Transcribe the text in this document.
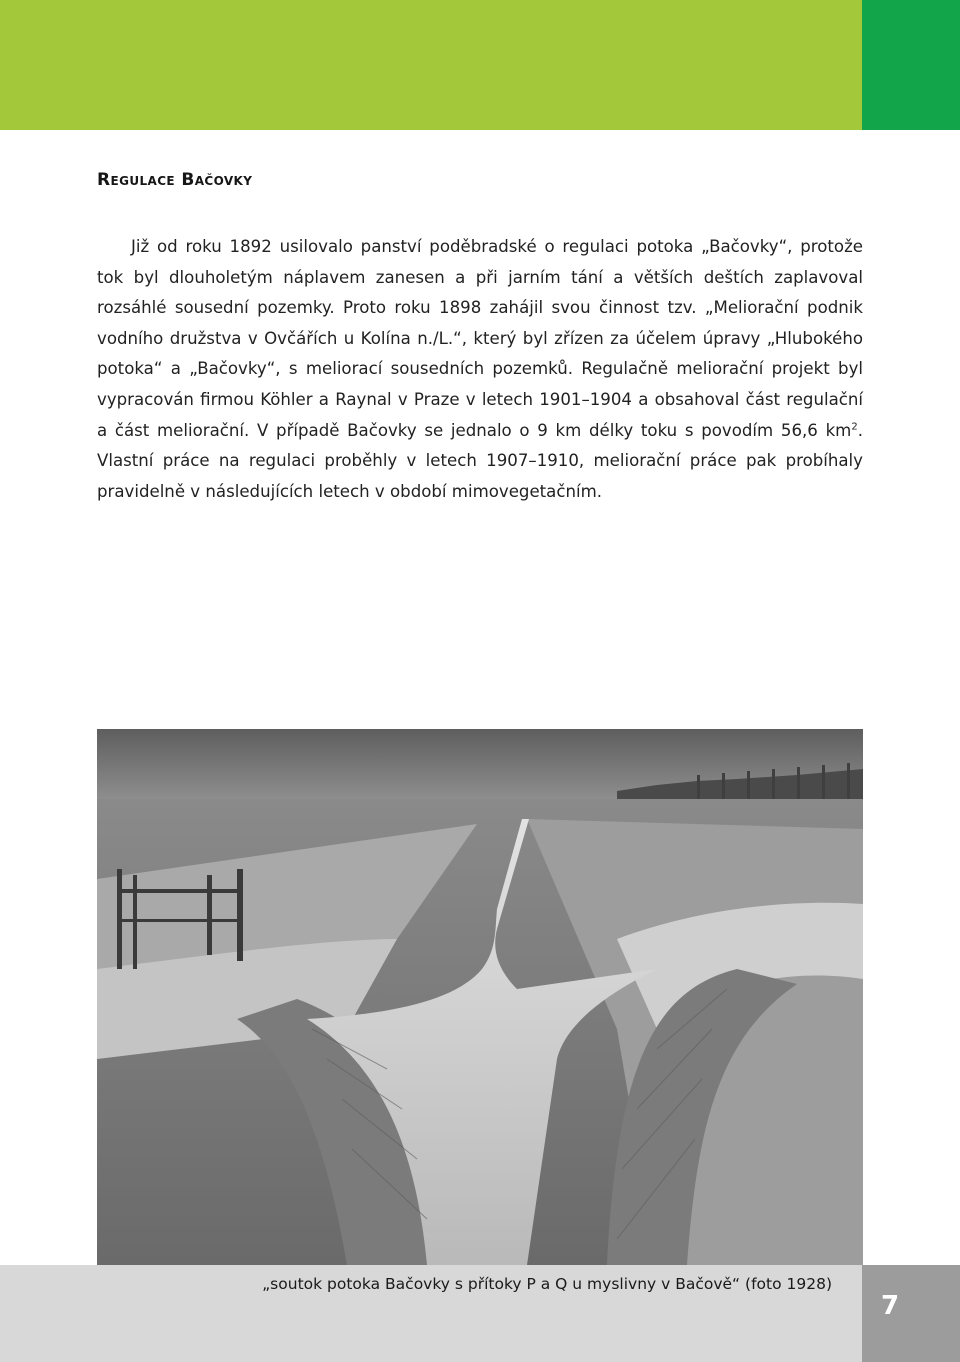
Regulace Bačovky

Již od roku 1892 usilovalo panství poděbradské o regulaci potoka „Bačovky“, protože tok byl dlouholetým náplavem zanesen a při jarním tání a větších deštích zaplavoval rozsáhlé sousední pozemky. Proto roku 1898 zahájil svou činnost tzv. „Meliorační podnik vodního družstva v Ovčářích u Kolína n./L.“, který byl zřízen za účelem úpravy „Hlubokého potoka“ a „Bačovky“, s meliorací sousedních pozemků. Regulačně meliorační projekt byl vypracován firmou Köhler a Raynal v Praze v letech 1901–1904 a obsahoval část regulační a část meliorační. V případě Bačovky se jednalo o 9 km délky toku s povodím 56,6 $km^2$. Vlastní práce na regulaci proběhly v letech 1907–1910, meliorační práce pak probíhaly pravidelně v následujících letech v období mimovegetačním.

„soutok potoka Bačovky s přítoky P a Q u myslivny v Bačově“ (foto 1928)

7
